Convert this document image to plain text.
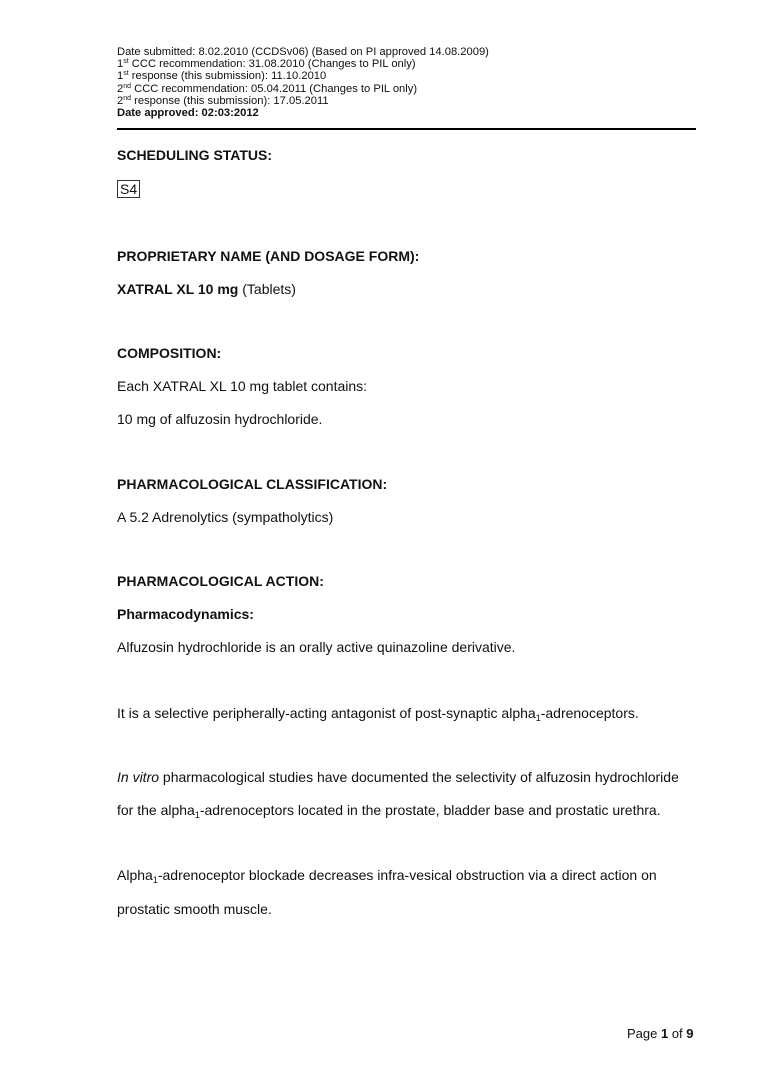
Date submitted: 8.02.2010 (CCDSv06) (Based on PI approved 14.08.2009)
1st CCC recommendation: 31.08.2010 (Changes to PIL only)
1st response (this submission): 11.10.2010
2nd CCC recommendation: 05.04.2011 (Changes to PIL only)
2nd response (this submission): 17.05.2011
Date approved: 02:03:2012
SCHEDULING STATUS:
S4
PROPRIETARY NAME (AND DOSAGE FORM):
XATRAL XL 10 mg (Tablets)
COMPOSITION:
Each XATRAL XL 10 mg tablet contains:
10 mg of alfuzosin hydrochloride.
PHARMACOLOGICAL CLASSIFICATION:
A 5.2 Adrenolytics (sympatholytics)
PHARMACOLOGICAL ACTION:
Pharmacodynamics:
Alfuzosin hydrochloride is an orally active quinazoline derivative.
It is a selective peripherally-acting antagonist of post-synaptic alpha$_1$-adrenoceptors.
In vitro pharmacological studies have documented the selectivity of alfuzosin hydrochloride
for the alpha$_1$-adrenoceptors located in the prostate, bladder base and prostatic urethra.
Alpha$_1$-adrenoceptor blockade decreases infra-vesical obstruction via a direct action on
prostatic smooth muscle.
Page 1 of 9
